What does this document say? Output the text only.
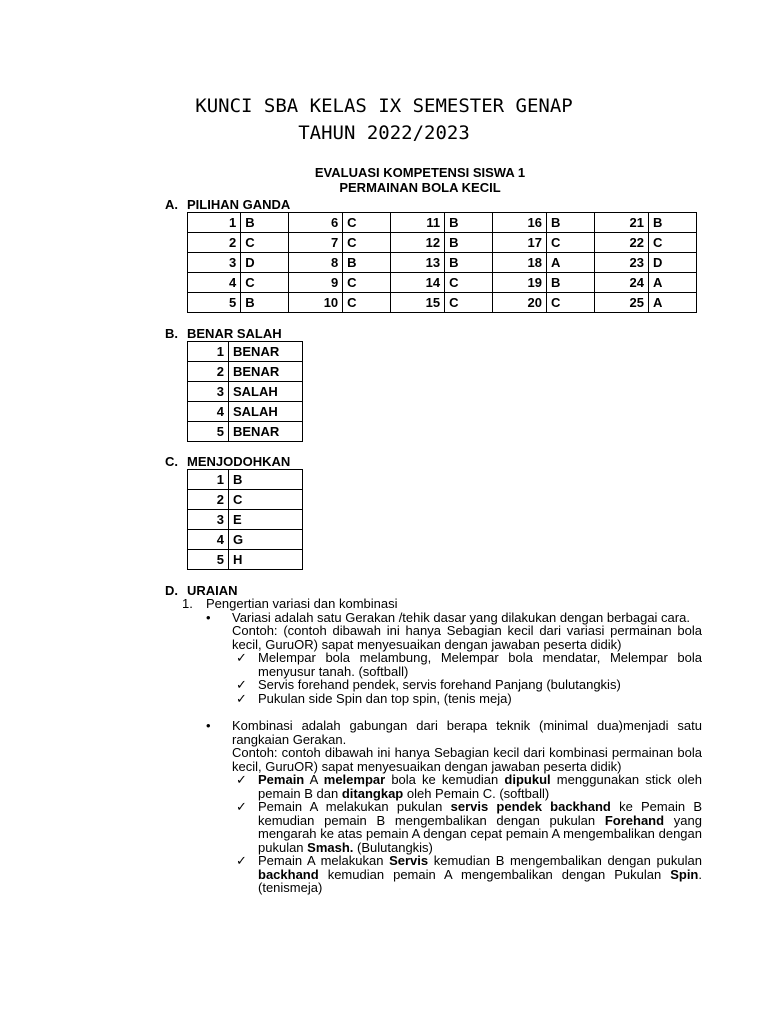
KUNCI SBA KELAS IX SEMESTER GENAP
TAHUN 2022/2023
EVALUASI KOMPETENSI SISWA 1
PERMAINAN BOLA KECIL
A. PILIHAN GANDA
1	B	6	C	11	B	16	B	21	B
2	C	7	C	12	B	17	C	22	C
3	D	8	B	13	B	18	A	23	D
4	C	9	C	14	C	19	B	24	A
5	B	10	C	15	C	20	C	25	A
B. BENAR SALAH
1	BENAR
2	BENAR
3	SALAH
4	SALAH
5	BENAR
C. MENJODOHKAN
1	B
2	C
3	E
4	G
5	H
D. URAIAN
1.	Pengertian variasi dan kombinasi
•	Variasi adalah satu Gerakan /tehik dasar yang dilakukan dengan berbagai cara.

Contoh: (contoh dibawah ini hanya Sebagian kecil dari variasi permainan bola kecil, GuruOR) sapat menyesuaikan dengan jawaban peserta didik)

✓ Melempar bola melambung, Melempar bola mendatar, Melempar bola menyusur tanah. (softball)
✓ Servis forehand pendek, servis forehand Panjang (bulutangkis)
✓ Pukulan side Spin dan top spin, (tenis meja)
•	Kombinasi adalah gabungan dari berapa teknik (minimal dua)menjadi satu rangkaian Gerakan.

Contoh: contoh dibawah ini hanya Sebagian kecil dari kombinasi permainan bola kecil, GuruOR) sapat menyesuaikan dengan jawaban peserta didik)

✓ Pemain A melempar bola ke kemudian dipukul menggunakan stick oleh pemain B dan ditangkap oleh Pemain C. (softball)
✓ Pemain A melakukan pukulan servis pendek backhand ke Pemain B kemudian pemain B mengembalikan dengan pukulan Forehand yang mengarah ke atas pemain A dengan cepat pemain A mengembalikan dengan pukulan Smash. (Bulutangkis)
✓ Pemain A melakukan Servis kemudian B mengembalikan dengan pukulan backhand kemudian pemain A mengembalikan dengan Pukulan Spin. (tenismeja)
